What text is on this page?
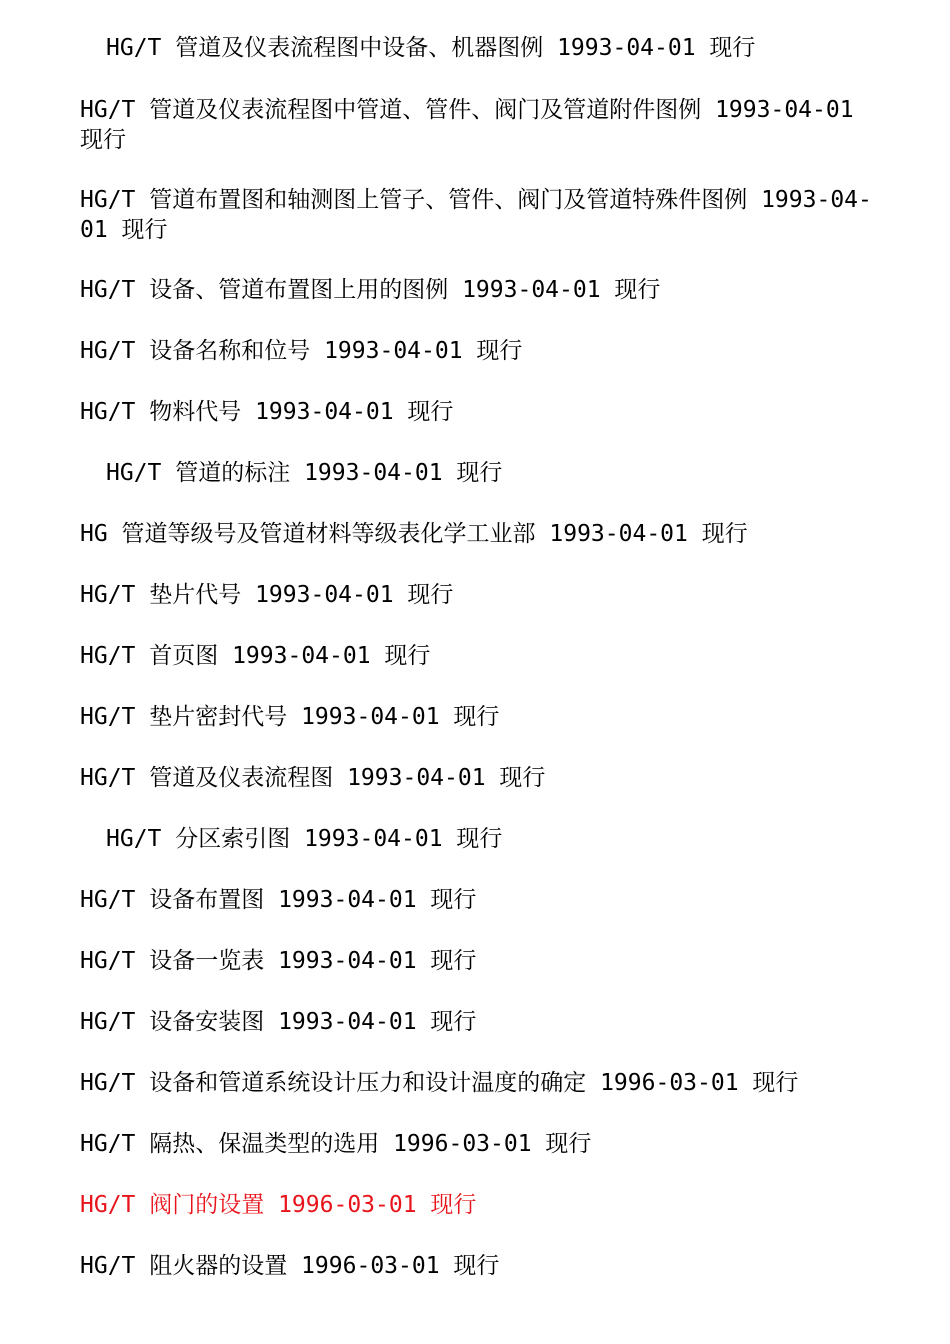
HG/T 管道及仪表流程图中设备、机器图例 1993-04-01 现行
HG/T 管道及仪表流程图中管道、管件、阀门及管道附件图例 1993-04-01 现行
HG/T 管道布置图和轴测图上管子、管件、阀门及管道特殊件图例 1993-04-01 现行
HG/T 设备、管道布置图上用的图例 1993-04-01 现行
HG/T 设备名称和位号 1993-04-01 现行
HG/T 物料代号 1993-04-01 现行
HG/T 管道的标注 1993-04-01 现行
HG 管道等级号及管道材料等级表化学工业部 1993-04-01 现行
HG/T 垫片代号 1993-04-01 现行
HG/T 首页图 1993-04-01 现行
HG/T 垫片密封代号 1993-04-01 现行
HG/T 管道及仪表流程图 1993-04-01 现行
HG/T 分区索引图 1993-04-01 现行
HG/T 设备布置图 1993-04-01 现行
HG/T 设备一览表 1993-04-01 现行
HG/T 设备安装图 1993-04-01 现行
HG/T 设备和管道系统设计压力和设计温度的确定 1996-03-01 现行
HG/T 隔热、保温类型的选用 1996-03-01 现行
HG/T 阀门的设置 1996-03-01 现行
HG/T 阻火器的设置 1996-03-01 现行
